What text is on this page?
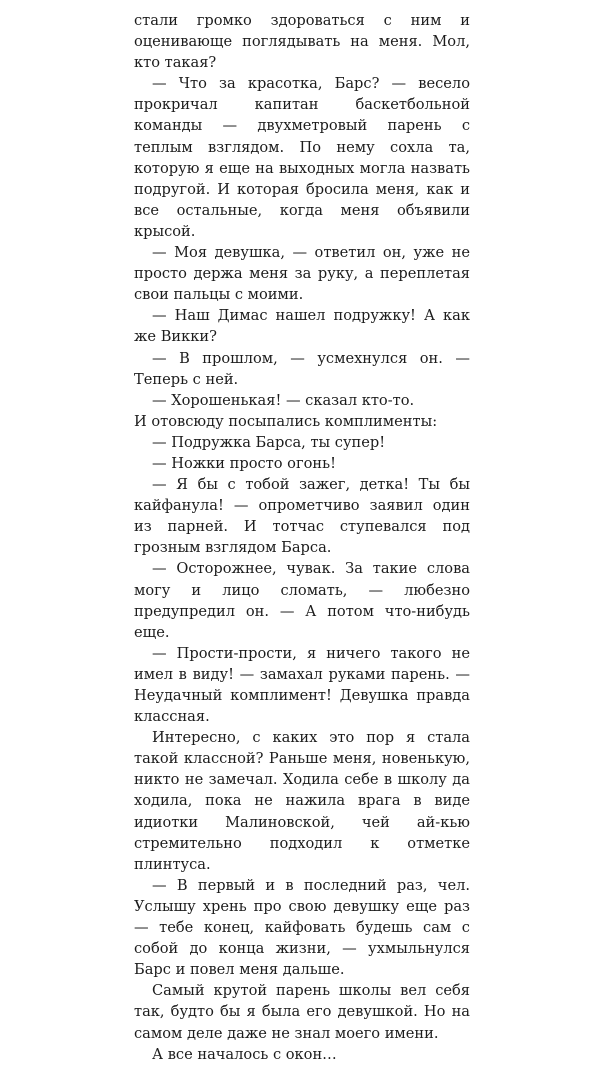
стали громко здороваться с ним и оценивающе поглядывать на меня. Мол, кто такая?

— Что за красотка, Барс? — весело прокричал капитан баскетбольной команды — двухметровый парень с теплым взглядом. По нему сохла та, которую я еще на выходных могла назвать подругой. И которая бросила меня, как и все остальные, когда меня объявили крысой.

— Моя девушка, — ответил он, уже не просто держа меня за руку, а переплетая свои пальцы с моими.

— Наш Димас нашел подружку! А как же Викки?

— В прошлом, — усмехнулся он. — Теперь с ней.

— Хорошенькая! — сказал кто-то.

И отовсюду посыпались комплименты:

— Подружка Барса, ты супер!

— Ножки просто огонь!

— Я бы с тобой зажег, детка! Ты бы кайфанула! — опрометчиво заявил один из парней. И тотчас ступевался под грозным взглядом Барса.

— Осторожнее, чувак. За такие слова могу и лицо сломать, — любезно предупредил он. — А потом что-нибудь еще.

— Прости-прости, я ничего такого не имел в виду! — замахал руками парень. — Неудачный комплимент! Девушка правда классная.

Интересно, с каких это пор я стала такой классной? Раньше меня, новенькую, никто не замечал. Ходила себе в школу да ходила, пока не нажила врага в виде идиотки Малиновской, чей ай-кью стремительно подходил к отметке плинтуса.

— В первый и в последний раз, чел. Услышу хрень про свою девушку еще раз — тебе конец, кайфовать будешь сам с собой до конца жизни, — ухмыльнулся Барс и повел меня дальше.

Самый крутой парень школы вел себя так, будто бы я была его девушкой. Но на самом деле даже не знал моего имени.

А все началось с окон…
